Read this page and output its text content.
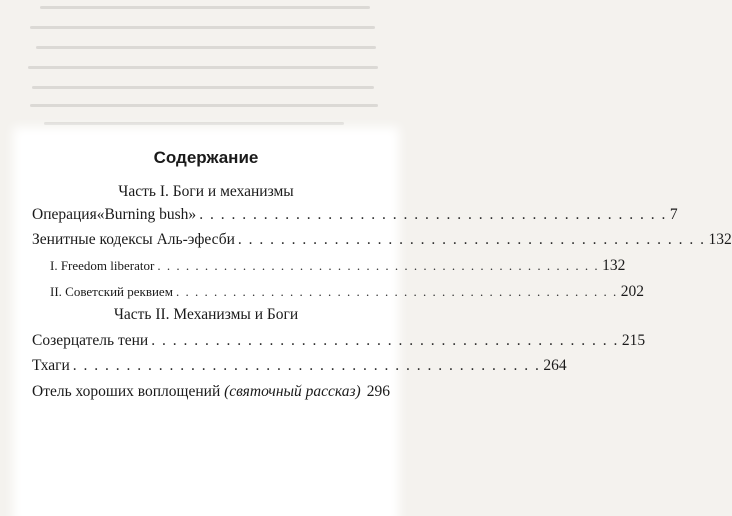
Содержание

Часть I. Боги и механизмы

Операция«Burning bush» . . . . . . . . . . . . . . . . . . . . . . . . . . . . . . . . . . . . . . . . . . . . 7
Зенитные кодексы Аль-эфесби . . . . . . . . . . . . . . . . . . . . . . . . . . . . . . . . . . . . . . . . . . . . 132
I. Freedom liberator . . . . . . . . . . . . . . . . . . . . . . . . . . . . . . . . . . . . . . . . . . . . . . . 132
II. Советский реквием . . . . . . . . . . . . . . . . . . . . . . . . . . . . . . . . . . . . . . . . . . . . . . . 202

Часть II. Механизмы и Боги

Созерцатель тени . . . . . . . . . . . . . . . . . . . . . . . . . . . . . . . . . . . . . . . . . . . . 215
Тхаги . . . . . . . . . . . . . . . . . . . . . . . . . . . . . . . . . . . . . . . . . . . . 264
Отель хороших воплощений (святочный рассказ) 296
